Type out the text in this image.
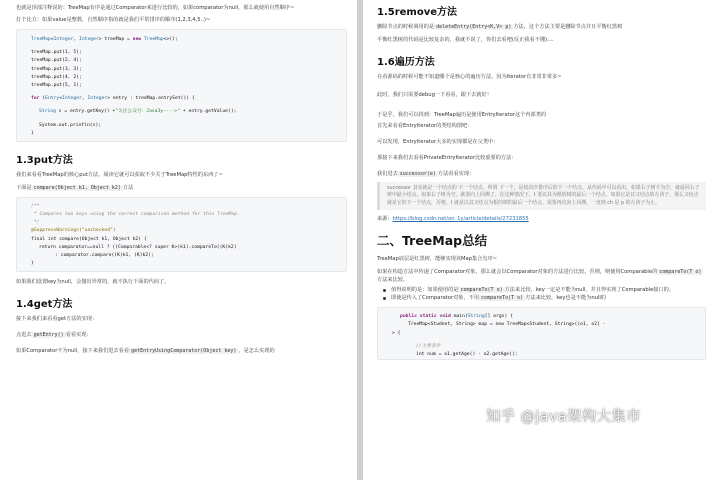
也就是顶部注释说的：TreeMap有序是通过Comparator来进行比较的，如果comparator为null，那么就使用自然顺序~

打个比方：如果value是整数，自然顺序指的就是我们平常排序的顺序(1,2,3,4,5..)~

TreeMap<Integer, Integer> treeMap = new TreeMap<>();
treeMap.put(1, 5);
treeMap.put(2, 4);
treeMap.put(3, 3);
treeMap.put(4, 2);
treeMap.put(5, 1);
for (Entry<Integer, Integer> entry : treeMap.entrySet()) {
String s = entry.getKey() +"关注公众号：Java3y---->" + entry.getValue();
System.out.println(s);
}
1.3put方法

我们来看看TreeMap的核心put方法，阅读它就可以获取不少关于TreeMap特性的东西了~

下面是 compare(Object k1, Object k2) 方法

/**
* Compares two keys using the correct comparison method for this TreeMap.
*/
@SuppressWarnings("unchecked")
final int compare(Object k1, Object k2) {
return comparator==null ? ((Comparable<? super K>)k1).compareTo((K)k2)
: comparator.compare((K)k1, (K)k2);
}

如果我们设置key为null，会抛出异常的，就不执行下面的代码了。

1.4get方法

接下来我们来看看get方法的实现：

点进去 getEntry() 看看实现：

如果Comparator不为null，接下来我们进去看看 getEntryUsingComparator(Object key) ，是怎么实现的

1.5remove方法

删除节点的时候调用的是 deleteEntry(Entry<K,V> p) 方法，这个方法主要是删除节点并且平衡红黑树

平衡红黑树的代码是比较复杂的，我就不说了，你们去看吧(反正我看不懂)....

1.6遍历方法

在看源码的时候可能不知道哪个是核心的遍历方法，因为Iterator有非常非常多~

此时，我们只需要debug一下看看，跟下去就好！

于是乎，我们可以找到：TreeMap遍历是使用EntryIterator这个内部类的

首先来看看EntryIterator的类结构图吧：

可以发现，EntryIterator大多的实现都是在父类中：

那接下来我们去看看PrivateEntryIterator比较重要的方法：

我们进去 successor(e) 方法看看实现：

successor 其实就是一个结点的 下一个结点，所谓 下一个，是按次序排序后的下一个结点。从代码中可以看出，如果右子树不为空，就返回右子树中最小结点。如果右子树为空，就要向上回溯了。在这种情况下，t 要以其为根的树的最后一个结点。如果它是其父结点的左孩子，那么父结点就是它的下一个结点，否则，t 就是以其父结点为根的树的最后一个结点，需要再次向上回溯。一直到 ch 是 p 的左孩子为止。

来源：https://blog.csdn.net/on_1y/article/details/27231855

二、TreeMap总结

TreeMap底层是红黑树，能够实现该Map集合有序~

如果在构造方法中传递了Comparator对象，那么就会以Comparator对象的方法进行比较。否则，则使用Comparable的 compareTo(T o)方法来比较。

值得说明的是：如果使用的是 compareTo(T o) 方法来比较，key一定是不能为null，并且得实现了Comparable接口的。
即使是传入了Comparator对象，不用 compareTo(T o) 方法来比较，key也是不能为null的
public static void main(String[] args) {
TreeMap<Student, String> map = new TreeMap<Student, String>((o1, o2) -
> {
//主要条件
int num = o1.getAge() - o2.getAge();
知乎 @java架构大集市
